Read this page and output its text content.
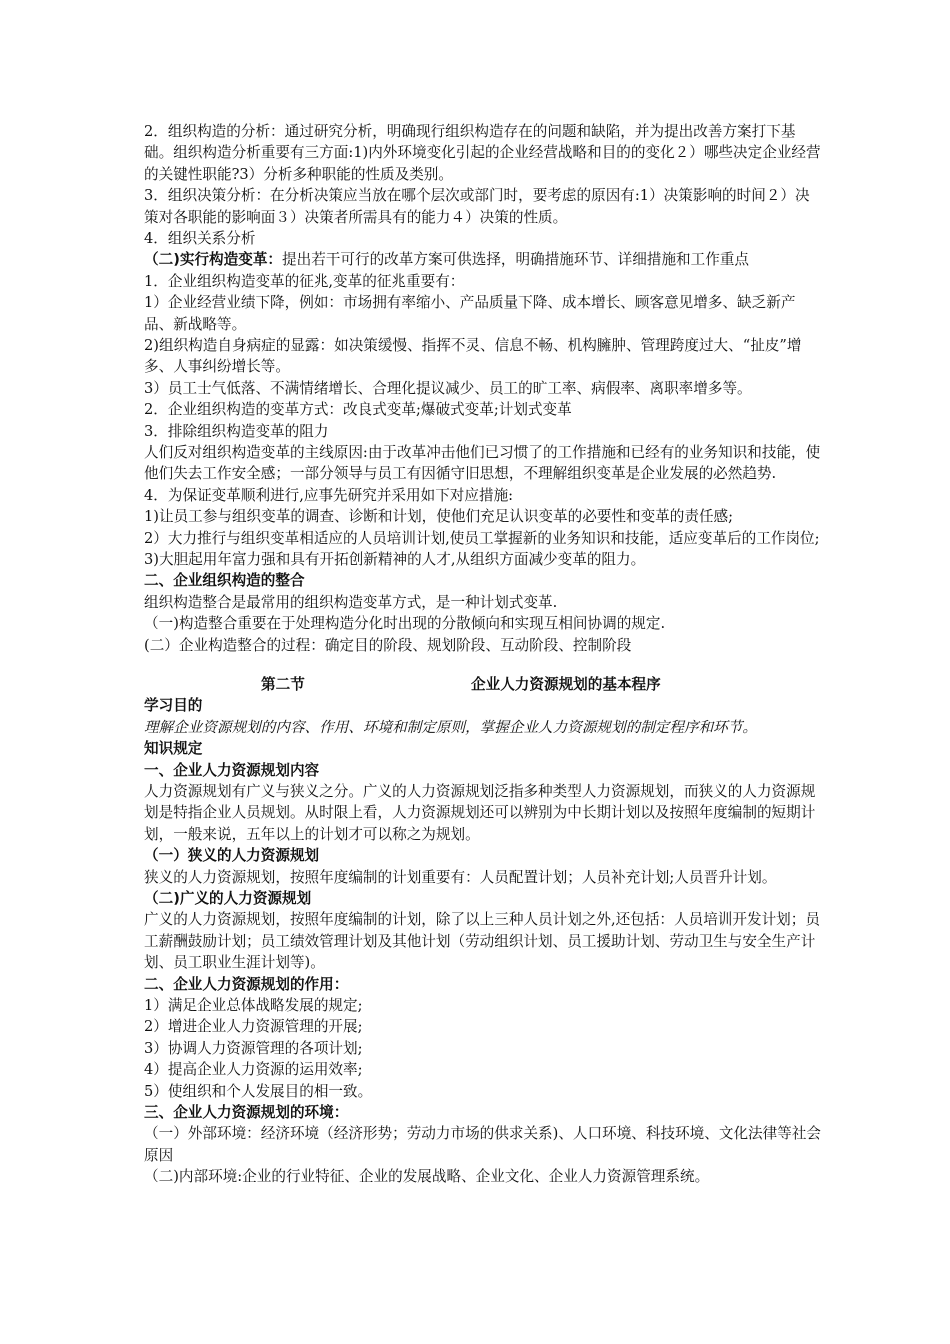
2．组织构造的分析：通过研究分析，明确现行组织构造存在的问题和缺陷，并为提出改善方案打下基础。组织构造分析重要有三方面:1)内外环境变化引起的企业经营战略和目的的变化２）哪些决定企业经营的关键性职能?3）分析多种职能的性质及类别。
3．组织决策分析：在分析决策应当放在哪个层次或部门时，要考虑的原因有:1）决策影响的时间２）决策对各职能的影响面３）决策者所需具有的能力４）决策的性质。
4．组织关系分析
（二)实行构造变革：提出若干可行的改革方案可供选择，明确措施环节、详细措施和工作重点
1．企业组织构造变革的征兆,变革的征兆重要有：
1）企业经营业绩下降，例如：市场拥有率缩小、产品质量下降、成本增长、顾客意见增多、缺乏新产品、新战略等。
2)组织构造自身病症的显露：如决策缓慢、指挥不灵、信息不畅、机构臃肿、管理跨度过大、“扯皮”增多、人事纠纷增长等。
3）员工士气低落、不满情绪增长、合理化提议减少、员工的旷工率、病假率、离职率增多等。
2．企业组织构造的变革方式：改良式变革;爆破式变革;计划式变革
3．排除组织构造变革的阻力
人们反对组织构造变革的主线原因:由于改革冲击他们已习惯了的工作措施和已经有的业务知识和技能，使他们失去工作安全感；一部分领导与员工有因循守旧思想，不理解组织变革是企业发展的必然趋势.
4．为保证变革顺利进行,应事先研究并采用如下对应措施:
1)让员工参与组织变革的调查、诊断和计划，使他们充足认识变革的必要性和变革的责任感;
2）大力推行与组织变革相适应的人员培训计划,使员工掌握新的业务知识和技能，适应变革后的工作岗位;
3)大胆起用年富力强和具有开拓创新精神的人才,从组织方面减少变革的阻力。
二、企业组织构造的整合
组织构造整合是最常用的组织构造变革方式，是一种计划式变革.
（一)构造整合重要在于处理构造分化时出现的分散倾向和实现互相间协调的规定.
(二）企业构造整合的过程：确定目的阶段、规划阶段、互动阶段、控制阶段
第二节	企业人力资源规划的基本程序
学习目的
理解企业资源规划的内容、作用、环境和制定原则，掌握企业人力资源规划的制定程序和环节。
知识规定
一、企业人力资源规划内容
人力资源规划有广义与狭义之分。广义的人力资源规划泛指多种类型人力资源规划，而狭义的人力资源规划是特指企业人员规划。从时限上看，人力资源规划还可以辨别为中长期计划以及按照年度编制的短期计划，一般来说，五年以上的计划才可以称之为规划。
（一）狭义的人力资源规划
狭义的人力资源规划，按照年度编制的计划重要有：人员配置计划；人员补充计划;人员晋升计划。
（二)广义的人力资源规划
广义的人力资源规划，按照年度编制的计划，除了以上三种人员计划之外,还包括：人员培训开发计划；员工薪酬鼓励计划；员工绩效管理计划及其他计划（劳动组织计划、员工援助计划、劳动卫生与安全生产计划、员工职业生涯计划等)。
二、企业人力资源规划的作用：
1）满足企业总体战略发展的规定;
2）增进企业人力资源管理的开展;
3）协调人力资源管理的各项计划;
4）提高企业人力资源的运用效率;
5）使组织和个人发展目的相一致。
三、企业人力资源规划的环境：
（一）外部环境：经济环境（经济形势；劳动力市场的供求关系)、人口环境、科技环境、文化法律等社会原因
（二)内部环境:企业的行业特征、企业的发展战略、企业文化、企业人力资源管理系统。
